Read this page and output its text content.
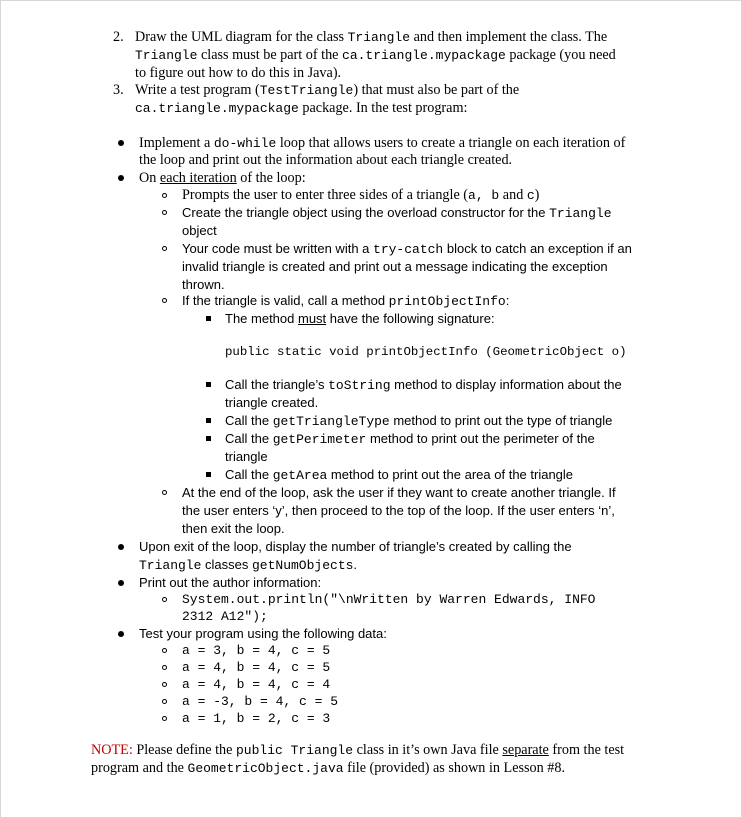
2. Draw the UML diagram for the class Triangle and then implement the class. The
Triangle class must be part of the ca.triangle.mypackage package (you need
to figure out how to do this in Java).
3. Write a test program (TestTriangle) that must also be part of the
ca.triangle.mypackage package. In the test program:
Implement a do-while loop that allows users to create a triangle on each iteration of
the loop and print out the information about each triangle created.
On each iteration of the loop:
Prompts the user to enter three sides of a triangle (a, b and c)
Create the triangle object using the overload constructor for the Triangle
object
Your code must be written with a try-catch block to catch an exception if an
invalid triangle is created and print out a message indicating the exception
thrown.
If the triangle is valid, call a method printObjectInfo:
The method must have the following signature:
public static void printObjectInfo (GeometricObject o)
Call the triangle’s toString method to display information about the
triangle created.
Call the getTriangleType method to print out the type of triangle
Call the getPerimeter method to print out the perimeter of the
triangle
Call the getArea method to print out the area of the triangle
At the end of the loop, ask the user if they want to create another triangle. If
the user enters ‘y’, then proceed to the top of the loop. If the user enters ‘n’,
then exit the loop.
Upon exit of the loop, display the number of triangle’s created by calling the
Triangle classes getNumObjects.
Print out the author information:
System.out.println("\nWritten by Warren Edwards, INFO
2312 A12");
Test your program using the following data:
a = 3, b = 4, c = 5
a = 4, b = 4, c = 5
a = 4, b = 4, c = 4
a = -3, b = 4, c = 5
a = 1, b = 2, c = 3
NOTE: Please define the public Triangle class in it’s own Java file separate from the test
program and the GeometricObject.java file (provided) as shown in Lesson #8.
